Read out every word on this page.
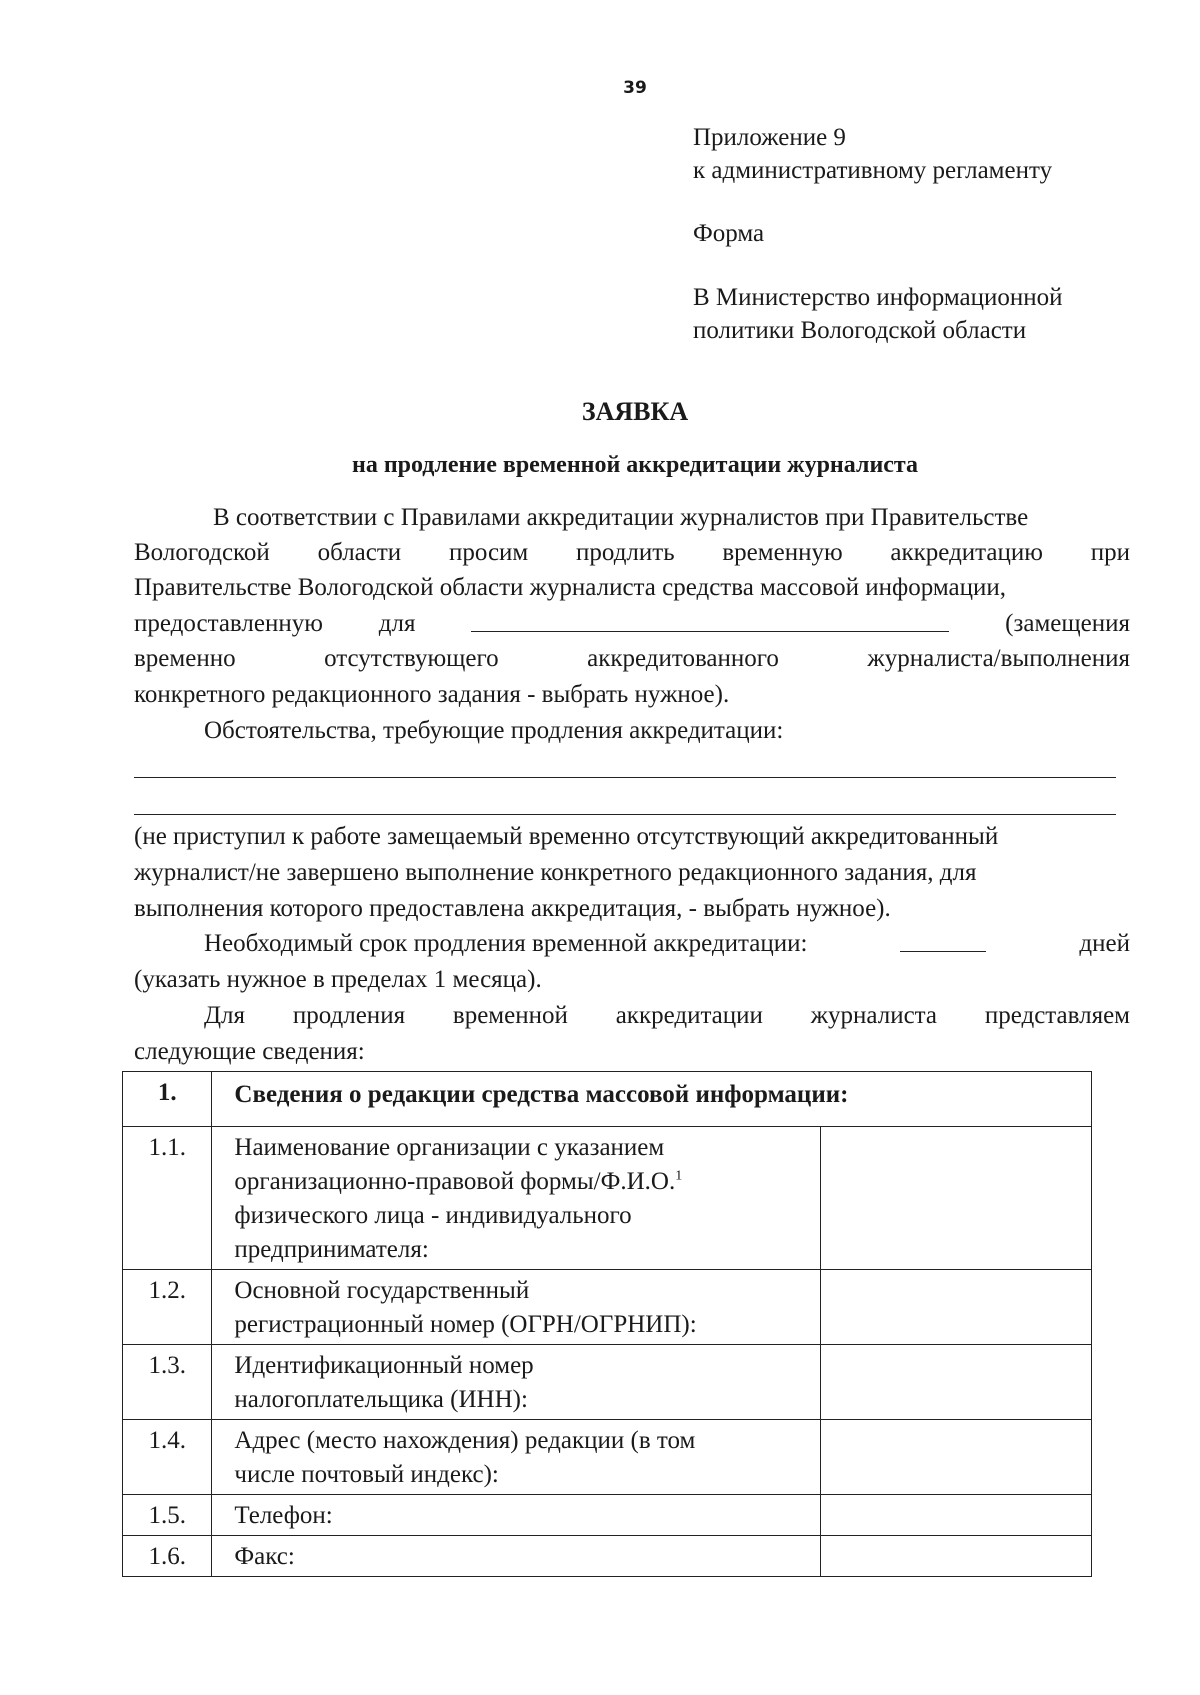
39
Приложение 9
к административному регламенту
Форма
В Министерство информационной
политики Вологодской области
ЗАЯВКА
на продление временной аккредитации журналиста
В соответствии с Правилами аккредитации журналистов при Правительстве
Вологодской области просим продлить временную аккредитацию при
Правительстве Вологодской области журналиста средства массовой информации,
предоставленную для	(замещения
временно	отсутствующего	аккредитованного	журналиста/выполнения
конкретного редакционного задания - выбрать нужное).
Обстоятельства, требующие продления аккредитации:
(не приступил к работе замещаемый временно отсутствующий аккредитованный
журналист/не завершено выполнение конкретного редакционного задания, для
выполнения которого предоставлена аккредитация, - выбрать нужное).
Необходимый срок продления временной аккредитации:	дней
(указать нужное в пределах 1 месяца).
Для продления временной аккредитации журналиста представляем
следующие сведения:
1.	Сведения о редакции средства массовой информации:	
1.1.	Наименование организации с указанием
организационно-правовой формы/Ф.И.О.$^1$
физического лица - индивидуального
предпринимателя:	

1.2.	Основной государственный
регистрационный номер (ОГРН/ОГРНИП):	

1.3.	Идентификационный номер
налогоплательщика (ИНН):	

1.4.	Адрес (место нахождения) редакции (в том
числе почтовый индекс):	

1.5.	Телефон:	

1.6.	Факс:	
